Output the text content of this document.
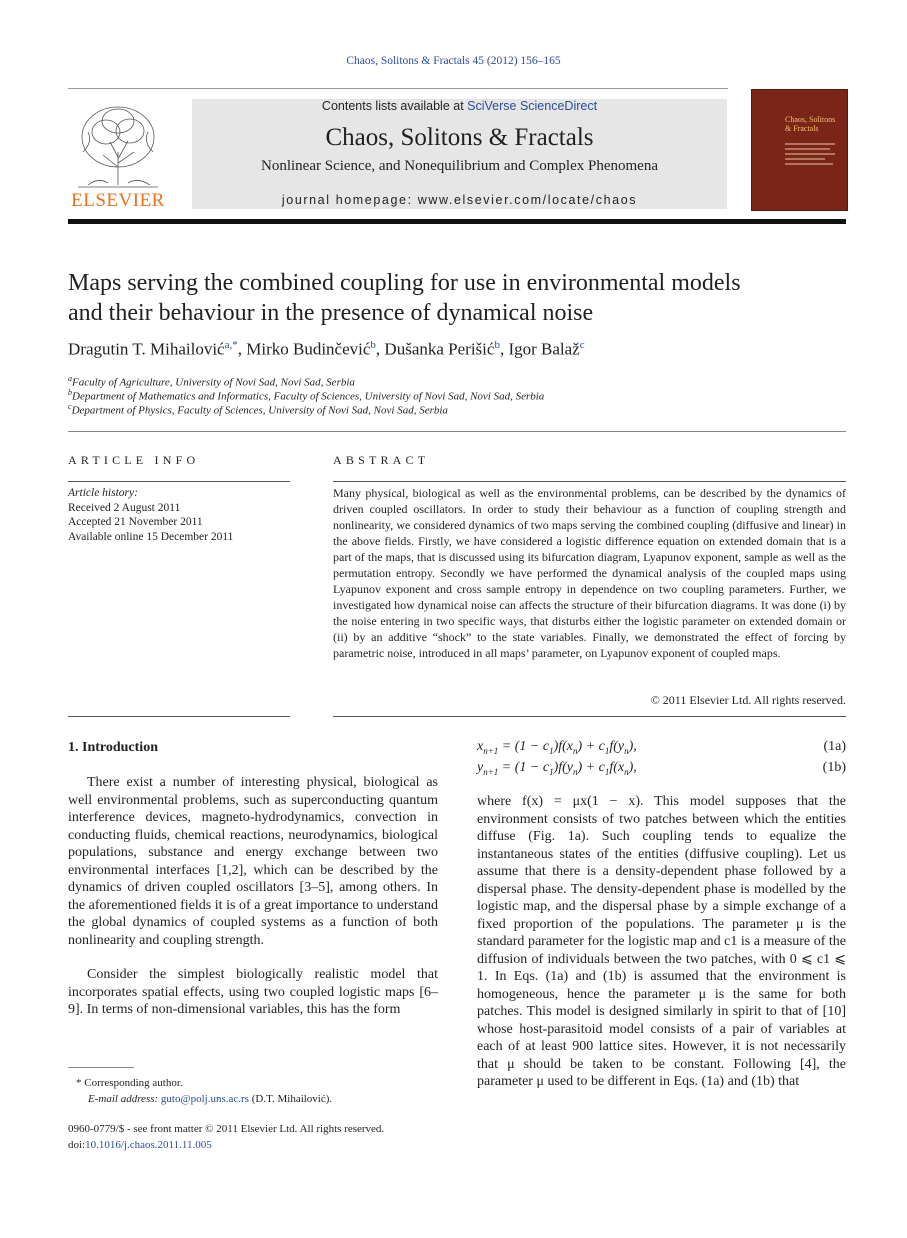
Chaos, Solitons & Fractals 45 (2012) 156–165
ELSEVIER
Contents lists available at SciVerse ScienceDirect
Chaos, Solitons & Fractals
Nonlinear Science, and Nonequilibrium and Complex Phenomena
journal homepage: www.elsevier.com/locate/chaos
Chaos, Solitons & Fractals
Maps serving the combined coupling for use in environmental models
and their behaviour in the presence of dynamical noise
Dragutin T. Mihailović$^{a,*}$, Mirko Budinčević$^b$, Dušanka Perišić$^b$, Igor Balaž$^c$
$^a$Faculty of Agriculture, University of Novi Sad, Novi Sad, Serbia
$^b$Department of Mathematics and Informatics, Faculty of Sciences, University of Novi Sad, Novi Sad, Serbia
$^c$Department of Physics, Faculty of Sciences, University of Novi Sad, Novi Sad, Serbia
ARTICLE INFO
Article history:
Received 2 August 2011
Accepted 21 November 2011
Available online 15 December 2011
ABSTRACT
Many physical, biological as well as the environmental problems, can be described by the dynamics of driven coupled oscillators. In order to study their behaviour as a function of coupling strength and nonlinearity, we considered dynamics of two maps serving the combined coupling (diffusive and linear) in the above fields. Firstly, we have considered a logistic difference equation on extended domain that is a part of the maps, that is discussed using its bifurcation diagram, Lyapunov exponent, sample as well as the permutation entropy. Secondly we have performed the dynamical analysis of the coupled maps using Lyapunov exponent and cross sample entropy in dependence on two coupling parameters. Further, we investigated how dynamical noise can affects the structure of their bifurcation diagrams. It was done (i) by the noise entering in two specific ways, that disturbs either the logistic parameter on extended domain or (ii) by an additive “shock” to the state variables. Finally, we demonstrated the effect of forcing by parametric noise, introduced in all maps’ parameter, on Lyapunov exponent of coupled maps.
© 2011 Elsevier Ltd. All rights reserved.
1. Introduction
There exist a number of interesting physical, biological as well environmental problems, such as superconducting quantum interference devices, magneto-hydrodynamics, convection in conducting fluids, chemical reactions, neurodynamics, biological populations, substance and energy exchange between two environmental interfaces [1,2], which can be described by the dynamics of driven coupled oscillators [3–5], among others. In the aforementioned fields it is of a great importance to understand the global dynamics of coupled systems as a function of both nonlinearity and coupling strength.
Consider the simplest biologically realistic model that incorporates spatial effects, using two coupled logistic maps [6–9]. In terms of non-dimensional variables, this has the form
* Corresponding author.
E-mail address: guto@polj.uns.ac.rs (D.T. Mihailović).
0960-0779/$ - see front matter © 2011 Elsevier Ltd. All rights reserved.
doi:10.1016/j.chaos.2011.11.005
$x_{n+1} = (1 - c_1)f(x_n) + c_1f(y_n)$,	(1a)
$y_{n+1} = (1 - c_1)f(y_n) + c_1f(x_n)$,	(1b)
where f(x) = μx(1 − x). This model supposes that the environment consists of two patches between which the entities diffuse (Fig. 1a). Such coupling tends to equalize the instantaneous states of the entities (diffusive coupling). Let us assume that there is a density-dependent phase followed by a dispersal phase. The density-dependent phase is modelled by the logistic map, and the dispersal phase by a simple exchange of a fixed proportion of the populations. The parameter μ is the standard parameter for the logistic map and c1 is a measure of the diffusion of individuals between the two patches, with 0 ⩽ c1 ⩽ 1. In Eqs. (1a) and (1b) is assumed that the environment is homogeneous, hence the parameter μ is the same for both patches. This model is designed similarly in spirit to that of [10] whose host-parasitoid model consists of a pair of variables at each of at least 900 lattice sites. However, it is not necessarily that μ should be taken to be constant. Following [4], the parameter μ used to be different in Eqs. (1a) and (1b) that
